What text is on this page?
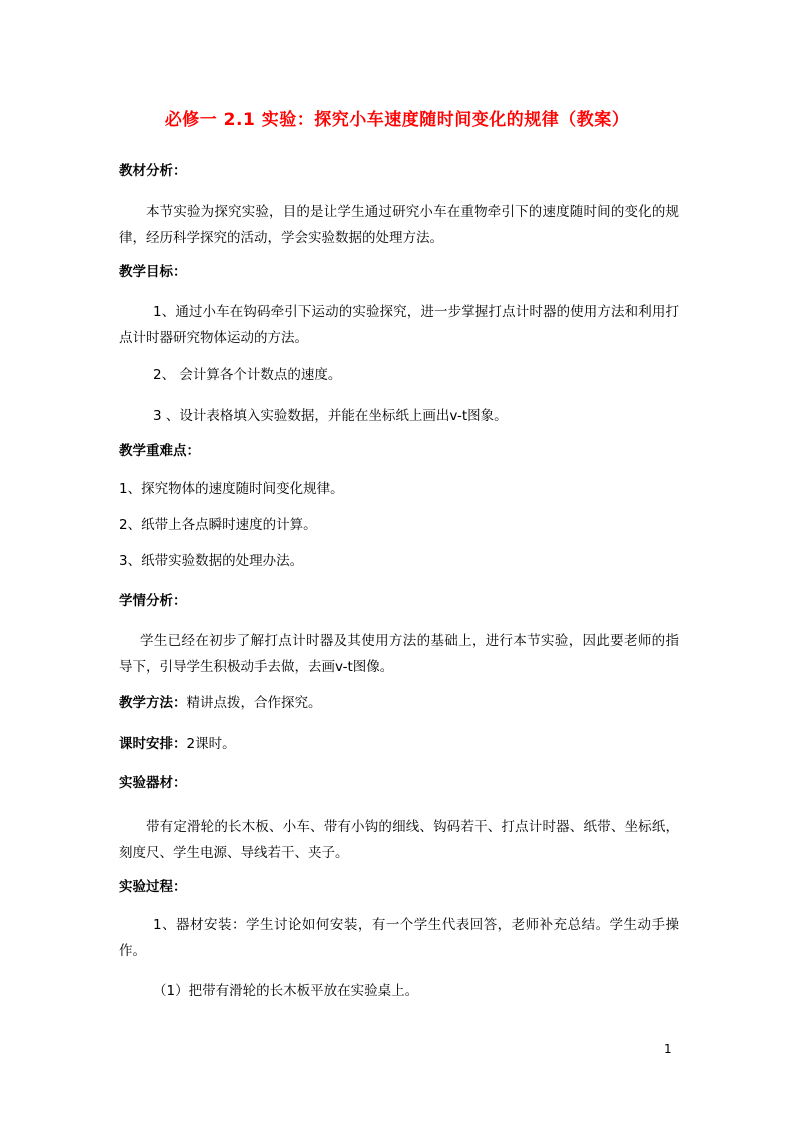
必修一 2.1 实验：探究小车速度随时间变化的规律（教案）
教材分析：
本节实验为探究实验，目的是让学生通过研究小车在重物牵引下的速度随时间的变化的规律，经历科学探究的活动，学会实验数据的处理方法。
教学目标：
1、通过小车在钩码牵引下运动的实验探究，进一步掌握打点计时器的使用方法和利用打点计时器研究物体运动的方法。
2、 会计算各个计数点的速度。
3 、设计表格填入实验数据，并能在坐标纸上画出v-t图象。
教学重难点：
1、探究物体的速度随时间变化规律。
2、纸带上各点瞬时速度的计算。
3、纸带实验数据的处理办法。
学情分析：
学生已经在初步了解打点计时器及其使用方法的基础上，进行本节实验，因此要老师的指导下，引导学生积极动手去做，去画v-t图像。
教学方法：精讲点拨，合作探究。
课时安排：2课时。
实验器材：
带有定滑轮的长木板、小车、带有小钩的细线、钩码若干、打点计时器、纸带、坐标纸，刻度尺、学生电源、导线若干、夹子。
实验过程：
1、器材安装：学生讨论如何安装，有一个学生代表回答，老师补充总结。学生动手操作。
（1）把带有滑轮的长木板平放在实验桌上。
1
